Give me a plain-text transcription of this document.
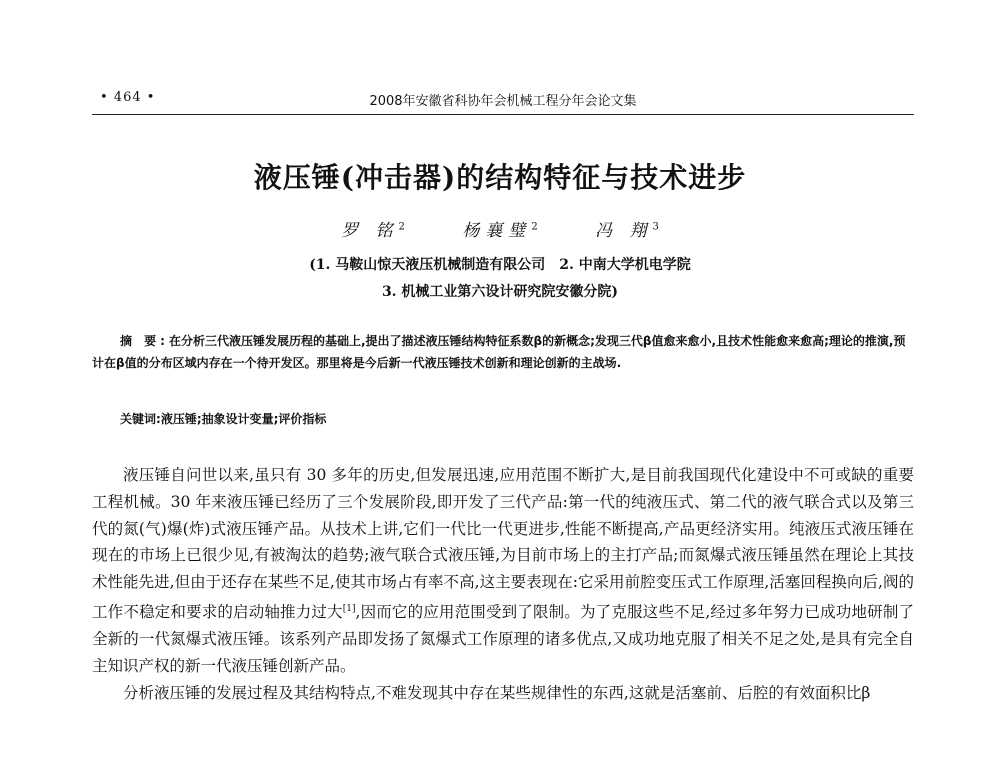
• 464 •	2008年安徽省科协年会机械工程分年会论文集
液压锤(冲击器)的结构特征与技术进步
罗 铭$^2$	杨襄璧$^2$	冯 翔$^3$
(1. 马鞍山惊天液压机械制造有限公司　2. 中南大学机电学院
3. 机械工业第六设计研究院安徽分院)
摘 要:在分析三代液压锤发展历程的基础上,提出了描述液压锤结构特征系数β的新概念;发现三代β值愈来愈小,且技术性能愈来愈高;理论的推演,预计在β值的分布区域内存在一个待开发区。那里将是今后新一代液压锤技术创新和理论创新的主战场.
关键词:液压锤;抽象设计变量;评价指标

液压锤自问世以来,虽只有 30 多年的历史,但发展迅速,应用范围不断扩大,是目前我国现代化建设中不可或缺的重要工程机械。30 年来液压锤已经历了三个发展阶段,即开发了三代产品:第一代的纯液压式、第二代的液气联合式以及第三代的氮(气)爆(炸)式液压锤产品。从技术上讲,它们一代比一代更进步,性能不断提高,产品更经济实用。纯液压式液压锤在现在的市场上已很少见,有被淘汰的趋势;液气联合式液压锤,为目前市场上的主打产品;而氮爆式液压锤虽然在理论上其技术性能先进,但由于还存在某些不足,使其市场占有率不高,这主要表现在:它采用前腔变压式工作原理,活塞回程换向后,阀的工作不稳定和要求的启动轴推力过大[1],因而它的应用范围受到了限制。为了克服这些不足,经过多年努力已成功地研制了全新的一代氮爆式液压锤。该系列产品即发扬了氮爆式工作原理的诸多优点,又成功地克服了相关不足之处,是具有完全自主知识产权的新一代液压锤创新产品。

分析液压锤的发展过程及其结构特点,不难发现其中存在某些规律性的东西,这就是活塞前、后腔的有效面积比β
